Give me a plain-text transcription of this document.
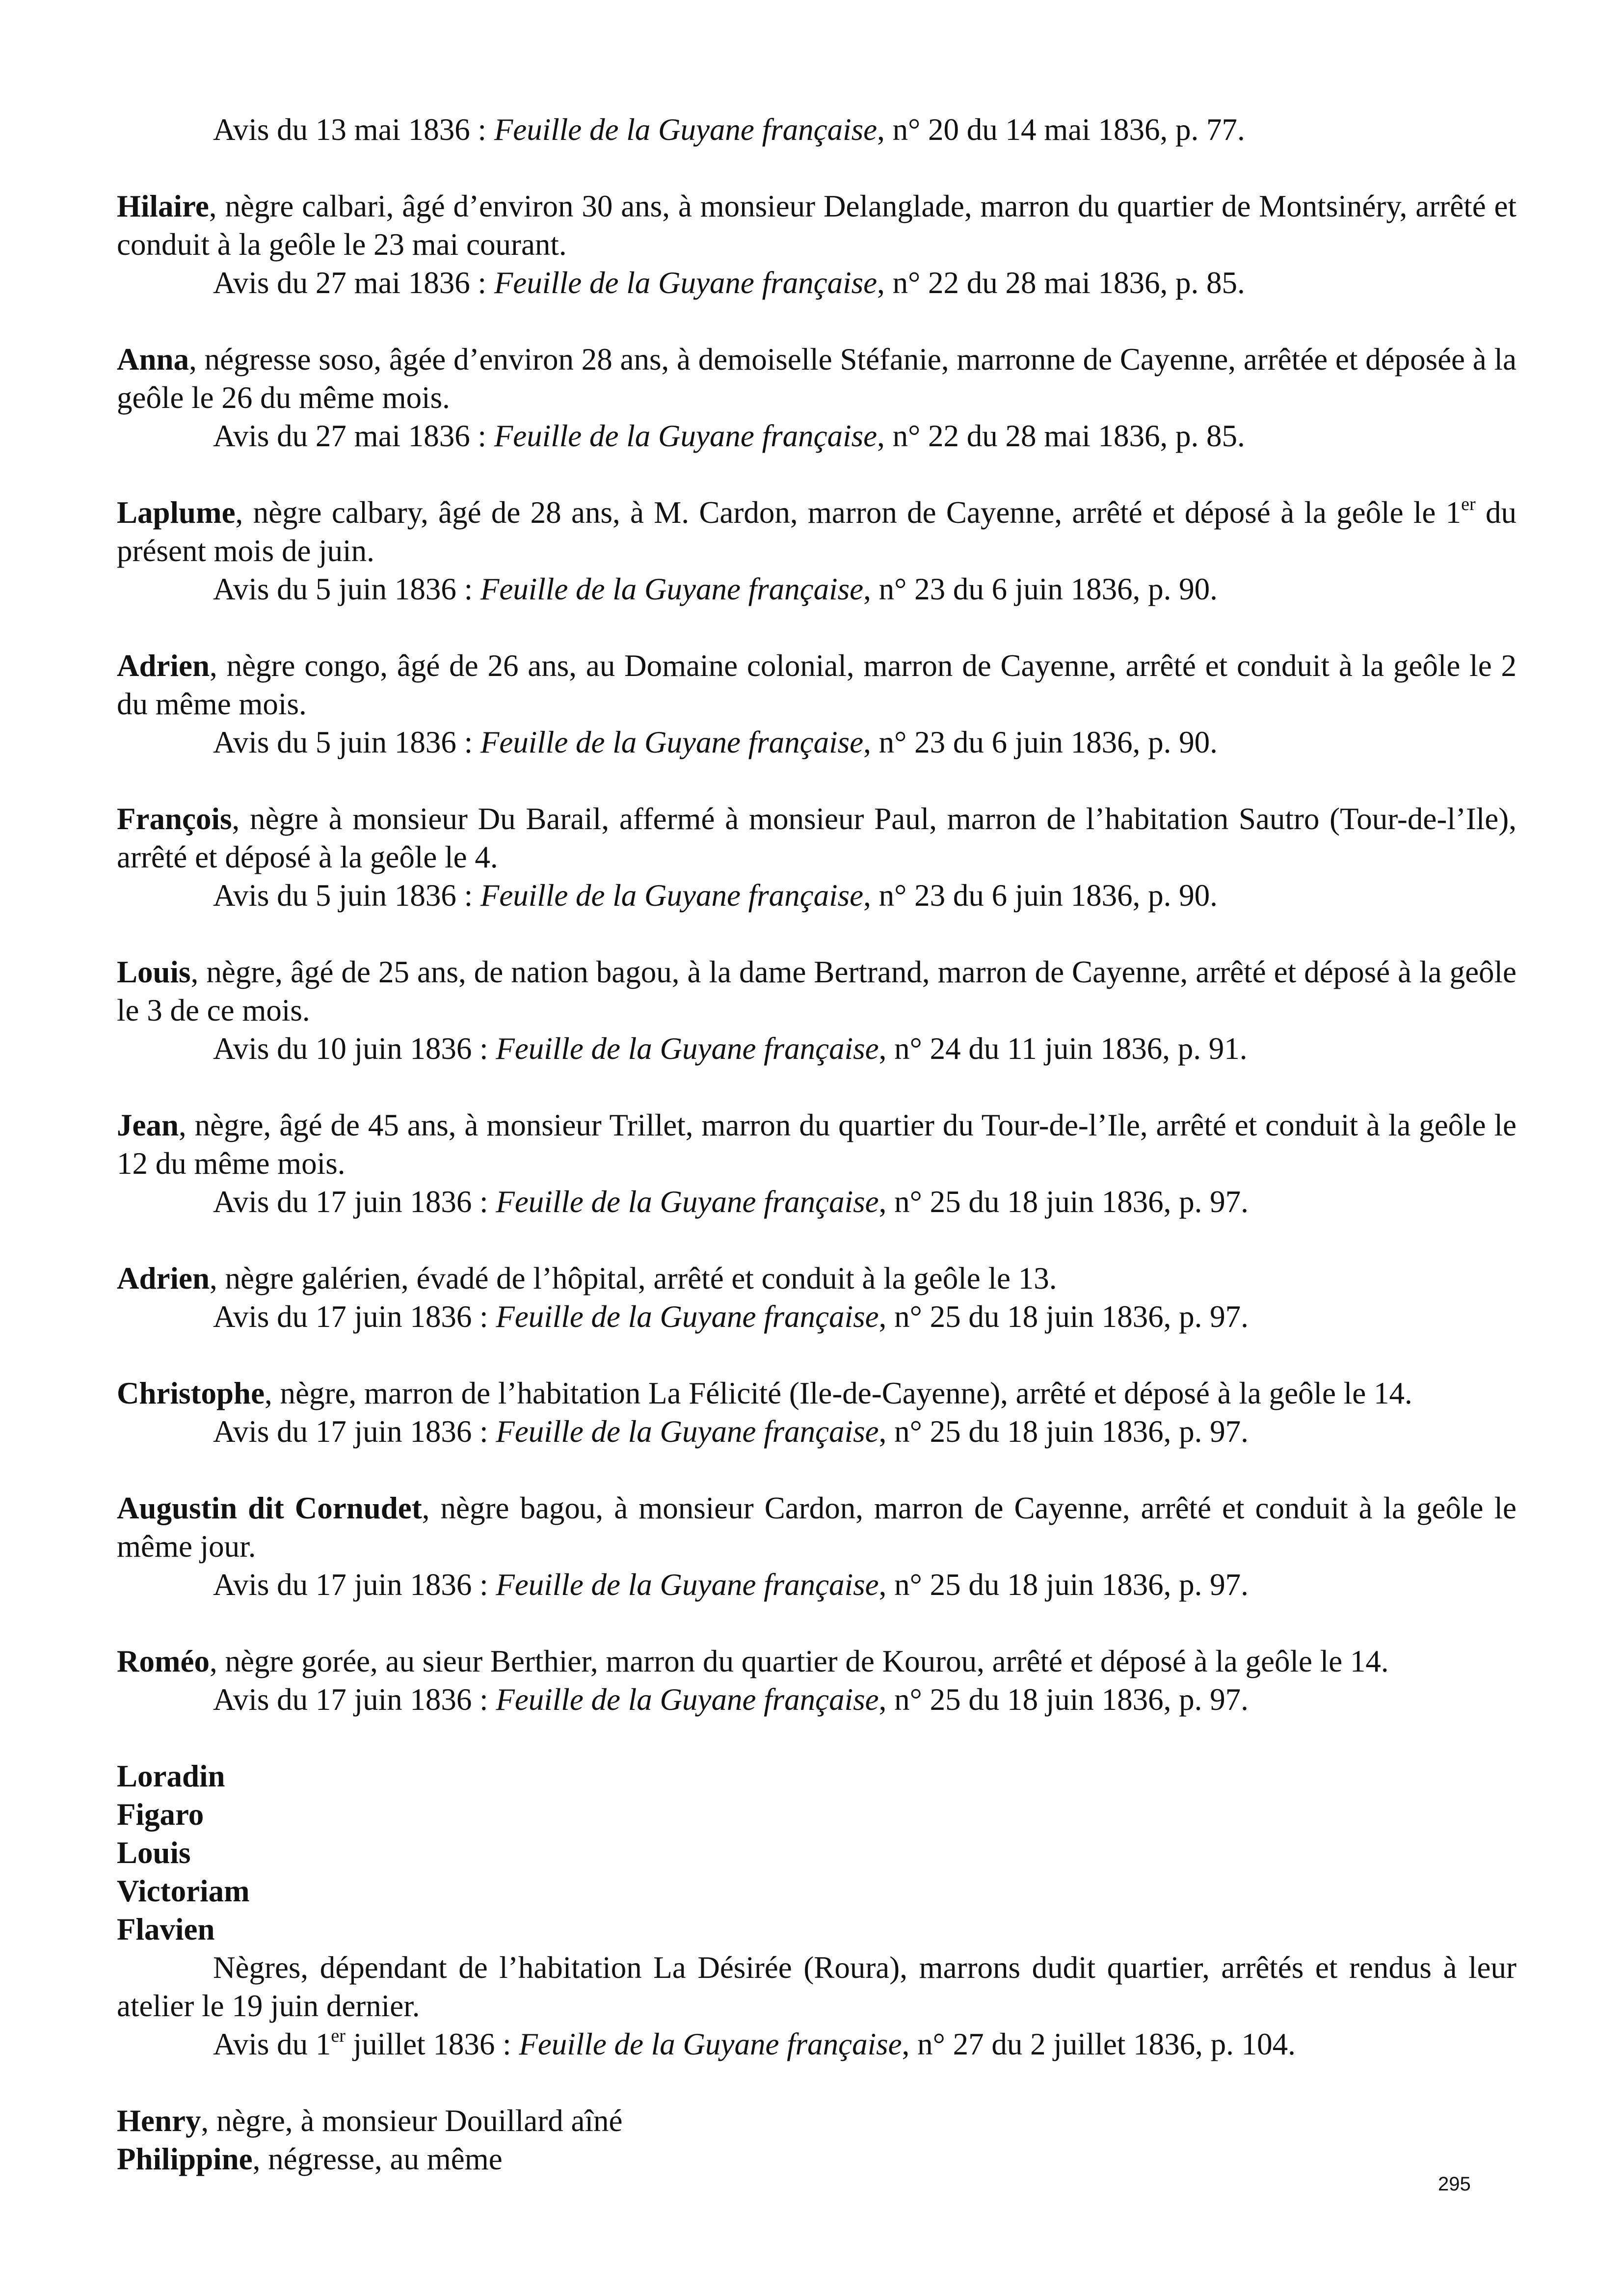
Avis du 13 mai 1836 : Feuille de la Guyane française, n° 20 du 14 mai 1836, p. 77.

Hilaire, nègre calbari, âgé d’environ 30 ans, à monsieur Delanglade, marron du quartier de Montsinéry, arrêté et conduit à la geôle le 23 mai courant.

Avis du 27 mai 1836 : Feuille de la Guyane française, n° 22 du 28 mai 1836, p. 85.

Anna, négresse soso, âgée d’environ 28 ans, à demoiselle Stéfanie, marronne de Cayenne, arrêtée et déposée à la geôle le 26 du même mois.

Avis du 27 mai 1836 : Feuille de la Guyane française, n° 22 du 28 mai 1836, p. 85.

Laplume, nègre calbary, âgé de 28 ans, à M. Cardon, marron de Cayenne, arrêté et déposé à la geôle le 1er du présent mois de juin.

Avis du 5 juin 1836 : Feuille de la Guyane française, n° 23 du 6 juin 1836, p. 90.

Adrien, nègre congo, âgé de 26 ans, au Domaine colonial, marron de Cayenne, arrêté et conduit à la geôle le 2 du même mois.

Avis du 5 juin 1836 : Feuille de la Guyane française, n° 23 du 6 juin 1836, p. 90.

François, nègre à monsieur Du Barail, affermé à monsieur Paul, marron de l’habitation Sautro (Tour-de-l’Ile), arrêté et déposé à la geôle le 4.

Avis du 5 juin 1836 : Feuille de la Guyane française, n° 23 du 6 juin 1836, p. 90.

Louis, nègre, âgé de 25 ans, de nation bagou, à la dame Bertrand, marron de Cayenne, arrêté et déposé à la geôle le 3 de ce mois.

Avis du 10 juin 1836 : Feuille de la Guyane française, n° 24 du 11 juin 1836, p. 91.

Jean, nègre, âgé de 45 ans, à monsieur Trillet, marron du quartier du Tour-de-l’Ile, arrêté et conduit à la geôle le 12 du même mois.

Avis du 17 juin 1836 : Feuille de la Guyane française, n° 25 du 18 juin 1836, p. 97.

Adrien, nègre galérien, évadé de l’hôpital, arrêté et conduit à la geôle le 13.

Avis du 17 juin 1836 : Feuille de la Guyane française, n° 25 du 18 juin 1836, p. 97.

Christophe, nègre, marron de l’habitation La Félicité (Ile-de-Cayenne), arrêté et déposé à la geôle le 14.

Avis du 17 juin 1836 : Feuille de la Guyane française, n° 25 du 18 juin 1836, p. 97.

Augustin dit Cornudet, nègre bagou, à monsieur Cardon, marron de Cayenne, arrêté et conduit à la geôle le même jour.

Avis du 17 juin 1836 : Feuille de la Guyane française, n° 25 du 18 juin 1836, p. 97.

Roméo, nègre gorée, au sieur Berthier, marron du quartier de Kourou, arrêté et déposé à la geôle le 14.

Avis du 17 juin 1836 : Feuille de la Guyane française, n° 25 du 18 juin 1836, p. 97.

Loradin
Figaro
Louis
Victoriam
Flavien

Nègres, dépendant de l’habitation La Désirée (Roura), marrons dudit quartier, arrêtés et rendus à leur atelier le 19 juin dernier.

Avis du 1er juillet 1836 : Feuille de la Guyane française, n° 27 du 2 juillet 1836, p. 104.

Henry, nègre, à monsieur Douillard aîné

Philippine, négresse, au même

295
